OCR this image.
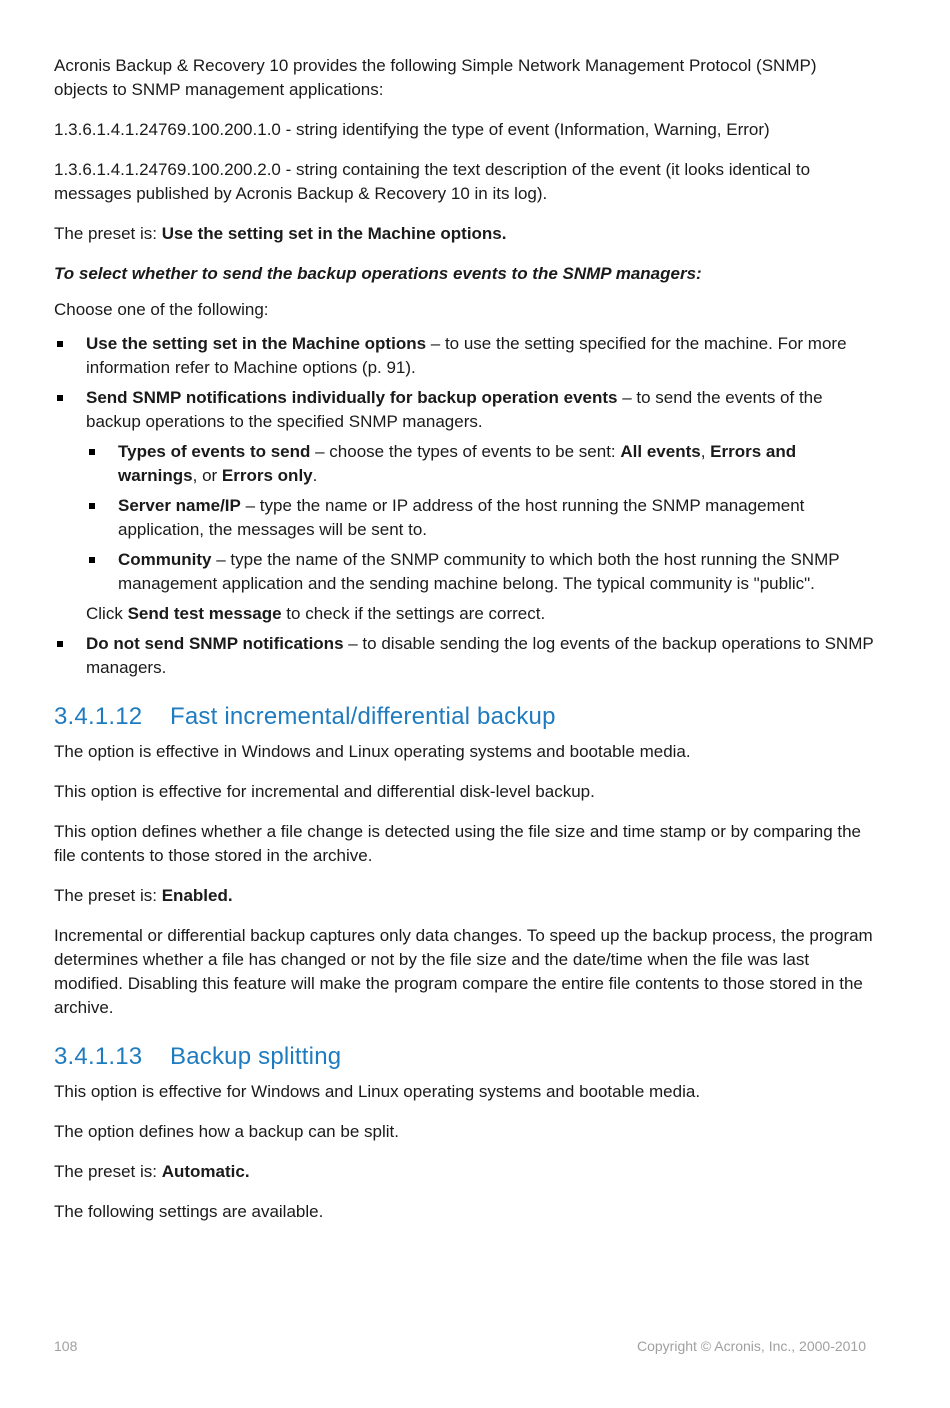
Acronis Backup & Recovery 10 provides the following Simple Network Management Protocol (SNMP) objects to SNMP management applications:

1.3.6.1.4.1.24769.100.200.1.0 - string identifying the type of event (Information, Warning, Error)

1.3.6.1.4.1.24769.100.200.2.0 - string containing the text description of the event (it looks identical to messages published by Acronis Backup & Recovery 10 in its log).

The preset is: Use the setting set in the Machine options.

To select whether to send the backup operations events to the SNMP managers:

Choose one of the following:

Use the setting set in the Machine options – to use the setting specified for the machine. For more information refer to Machine options (p. 91).
Send SNMP notifications individually for backup operation events – to send the events of the backup operations to the specified SNMP managers.
Types of events to send – choose the types of events to be sent: All events, Errors and warnings, or Errors only.
Server name/IP – type the name or IP address of the host running the SNMP management application, the messages will be sent to.
Community – type the name of the SNMP community to which both the host running the SNMP management application and the sending machine belong. The typical community is "public".
Click Send test message to check if the settings are correct.
Do not send SNMP notifications – to disable sending the log events of the backup operations to SNMP managers.
3.4.1.12 Fast incremental/differential backup

The option is effective in Windows and Linux operating systems and bootable media.

This option is effective for incremental and differential disk-level backup.

This option defines whether a file change is detected using the file size and time stamp or by comparing the file contents to those stored in the archive.

The preset is: Enabled.

Incremental or differential backup captures only data changes. To speed up the backup process, the program determines whether a file has changed or not by the file size and the date/time when the file was last modified. Disabling this feature will make the program compare the entire file contents to those stored in the archive.

3.4.1.13 Backup splitting

This option is effective for Windows and Linux operating systems and bootable media.

The option defines how a backup can be split.

The preset is: Automatic.

The following settings are available.

108	Copyright © Acronis, Inc., 2000-2010
